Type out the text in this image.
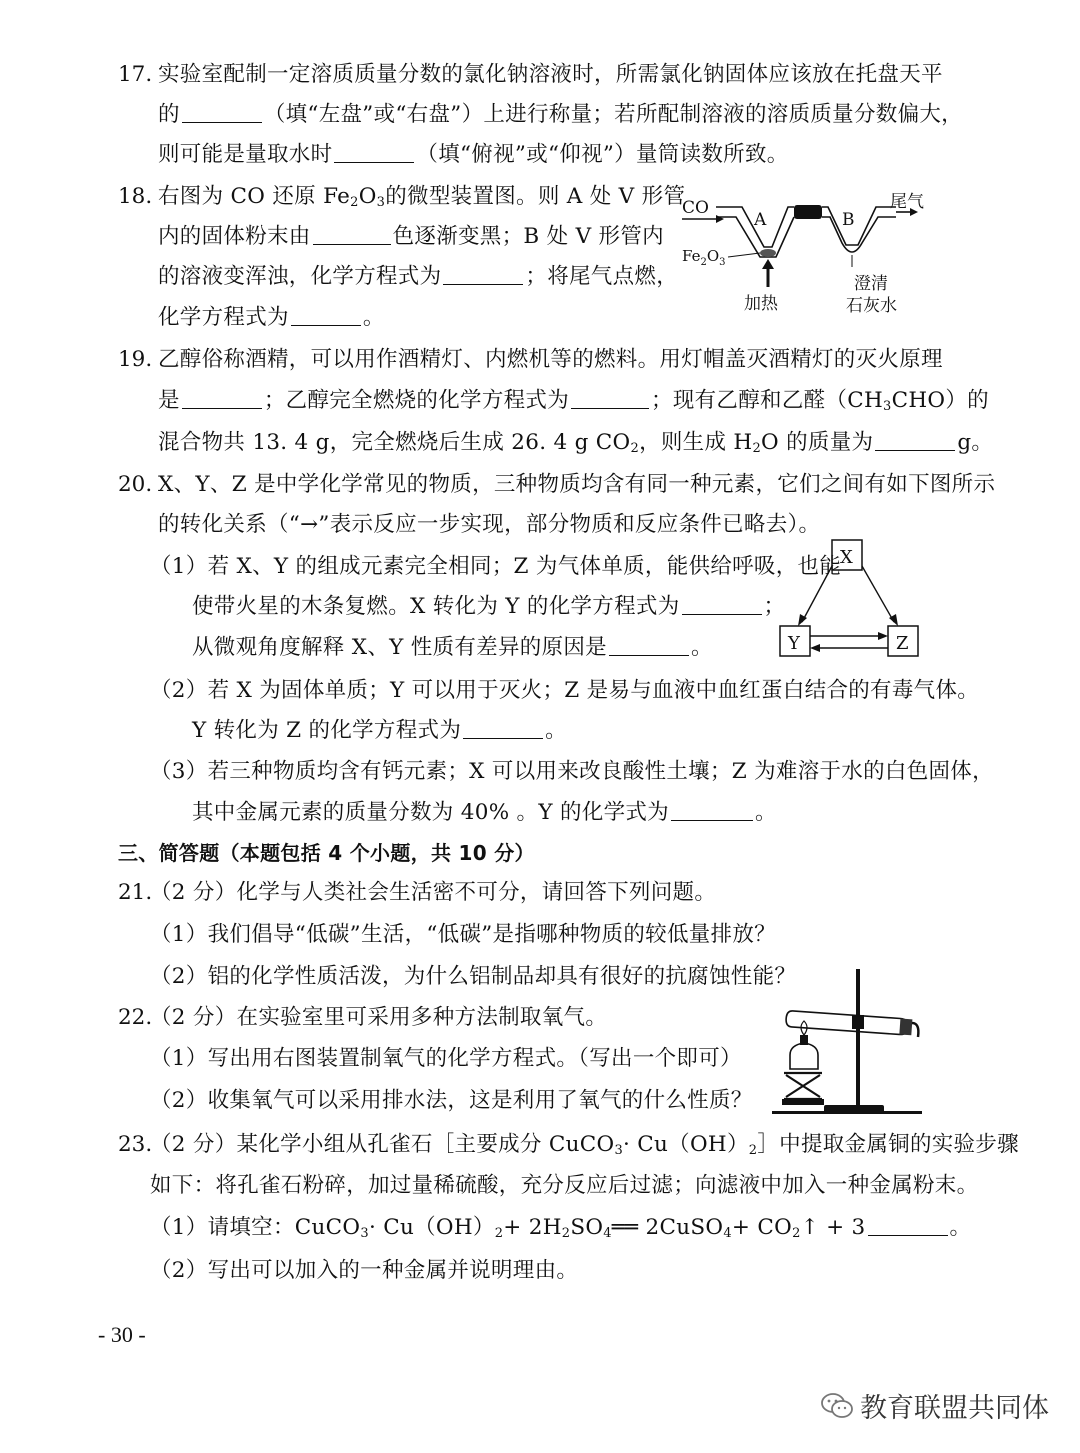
17. 实验室配制一定溶质质量分数的氯化钠溶液时，所需氯化钠固体应该放在托盘天平
的	（填“左盘”或“右盘”）上进行称量；若所配制溶液的溶质质量分数偏大，
则可能是量取水时	（填“俯视”或“仰视”）量筒读数所致。
18. 右图为 CO 还原 $Fe_2O_3$的微型装置图。则 A 处 V 形管
内的固体粉末由	色逐渐变黑；B 处 V 形管内
的溶液变浑浊，化学方程式为	；将尾气点燃，
化学方程式为	。
CO
A	B
尾气
$Fe_2O_3$
加热
澄清
石灰水
19. 乙醇俗称酒精，可以用作酒精灯、内燃机等的燃料。用灯帽盖灭酒精灯的灭火原理
是	；乙醇完全燃烧的化学方程式为	；现有乙醇和乙醛$(CH_3CHO)$的
混合物共 13. 4 g，完全燃烧后生成 26. 4 g $CO_2$，则生成 $H_2O$ 的质量为	g。
20. X、Y、Z 是中学化学常见的物质，三种物质均含有同一种元素，它们之间有如下图所示
的转化关系（“→”表示反应一步实现，部分物质和反应条件已略去）。
（1）若 X、Y 的组成元素完全相同；Z 为气体单质，能供给呼吸，也能
使带火星的木条复燃。X 转化为 Y 的化学方程式为	；
从微观角度解释 X、Y 性质有差异的原因是	。
（2）若 X 为固体单质；Y 可以用于灭火；Z 是易与血液中血红蛋白结合的有毒气体。
Y 转化为 Z 的化学方程式为	。
（3）若三种物质均含有钙元素；X 可以用来改良酸性土壤；Z 为难溶于水的白色固体，
其中金属元素的质量分数为 40% 。Y 的化学式为	。
X
Y	Z
三、简答题（本题包括 4 个小题，共 10 分）
21.
（2 分）化学与人类社会生活密不可分，请回答下列问题。
（1）我们倡导“低碳”生活，“低碳”是指哪种物质的较低量排放？
（2）铝的化学性质活泼，为什么铝制品却具有很好的抗腐蚀性能？
22.
（2 分）在实验室里可采用多种方法制取氧气。
（1）写出用右图装置制氧气的化学方程式。（写出一个即可）
（2）收集氧气可以采用排水法，这是利用了氧气的什么性质？
23.
（2 分）某化学小组从孔雀石［主要成分 CuCO$_3$· $Cu(OH)_2]$中提取金属铜的实验步骤
如下：将孔雀石粉碎，加过量稀硫酸，充分反应后过滤；向滤液中加入一种金属粉末。
（1）请填空：CuCO$_3$· $Cu(OH)_2+$ $2H_2SO_4══$ 2CuSO$_4$+ $CO_2↑ + 3$	。
（2）写出可以加入的一种金属并说明理由。
- 30 -
教育联盟共同体
